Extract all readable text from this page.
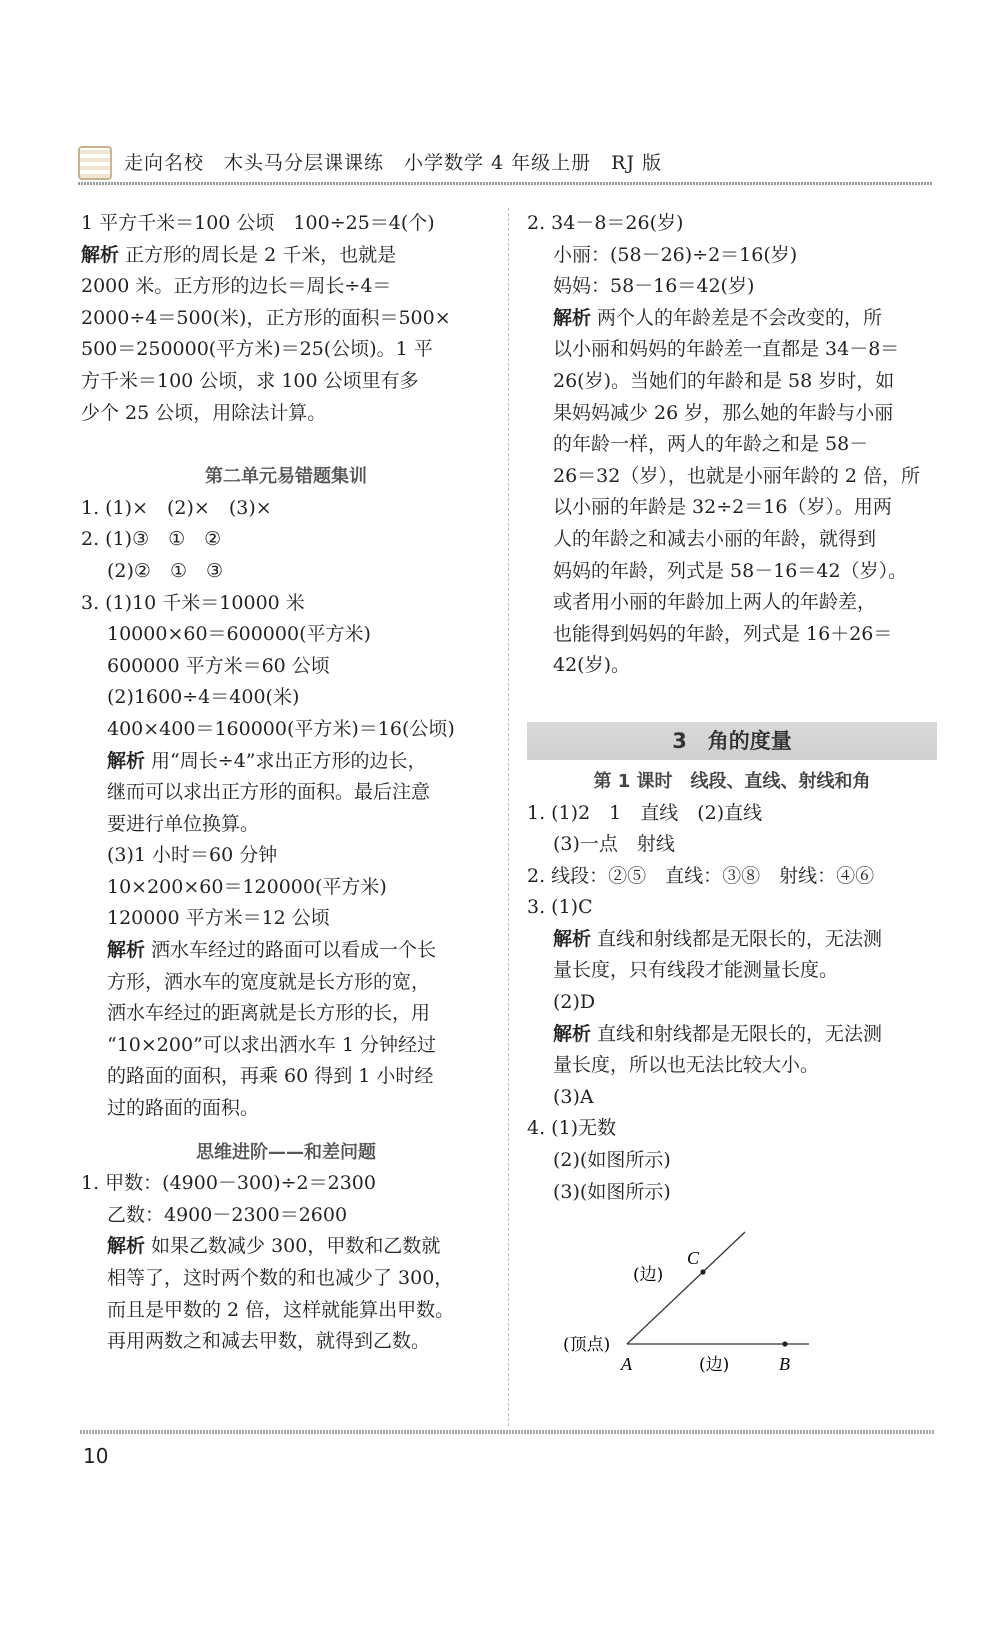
走向名校　木头马分层课课练　小学数学 4 年级上册　RJ 版
1 平方千米＝100 公顷　100÷25＝4(个)
解析 正方形的周长是 2 千米，也就是
2000 米。正方形的边长＝周长÷4＝
2000÷4＝500(米)，正方形的面积＝500×
500＝250000(平方米)＝25(公顷)。1 平
方千米＝100 公顷，求 100 公顷里有多
少个 25 公顷，用除法计算。
第二单元易错题集训
1. (1)×　(2)×　(3)×
2. (1)③　①　②
(2)②　①　③
3. (1)10 千米＝10000 米
10000×60＝600000(平方米)
600000 平方米＝60 公顷
(2)1600÷4＝400(米)
400×400＝160000(平方米)＝16(公顷)
解析 用“周长÷4”求出正方形的边长，
继而可以求出正方形的面积。最后注意
要进行单位换算。
(3)1 小时＝60 分钟
10×200×60＝120000(平方米)
120000 平方米＝12 公顷
解析 洒水车经过的路面可以看成一个长
方形，洒水车的宽度就是长方形的宽，
洒水车经过的距离就是长方形的长，用
“10×200”可以求出洒水车 1 分钟经过
的路面的面积，再乘 60 得到 1 小时经
过的路面的面积。
思维进阶——和差问题
1. 甲数：(4900－300)÷2＝2300
乙数：4900－2300＝2600
解析 如果乙数减少 300，甲数和乙数就
相等了，这时两个数的和也减少了 300，
而且是甲数的 2 倍，这样就能算出甲数。
再用两数之和减去甲数，就得到乙数。
2. 34－8＝26(岁)
小丽：(58－26)÷2＝16(岁)
妈妈：58－16＝42(岁)
解析 两个人的年龄差是不会改变的，所
以小丽和妈妈的年龄差一直都是 34－8＝
26(岁)。当她们的年龄和是 58 岁时，如
果妈妈减少 26 岁，那么她的年龄与小丽
的年龄一样，两人的年龄之和是 58－
26＝32（岁），也就是小丽年龄的 2 倍，所
以小丽的年龄是 32÷2＝16（岁）。用两
人的年龄之和减去小丽的年龄，就得到
妈妈的年龄，列式是 58－16＝42（岁）。
或者用小丽的年龄加上两人的年龄差，
也能得到妈妈的年龄，列式是 16＋26＝
42(岁)。
3　角的度量
第 1 课时　线段、直线、射线和角
1. (1)2　1　直线　(2)直线
(3)一点　射线
2. 线段：②⑤　直线：③⑧　射线：④⑥
3. (1)C
解析 直线和射线都是无限长的，无法测
量长度，只有线段才能测量长度。
(2)D
解析 直线和射线都是无限长的，无法测
量长度，所以也无法比较大小。
(3)A
4. (1)无数
(2)(如图所示)
(3)(如图所示)
C
(边)
(顶点)
A	(边)	B
10
